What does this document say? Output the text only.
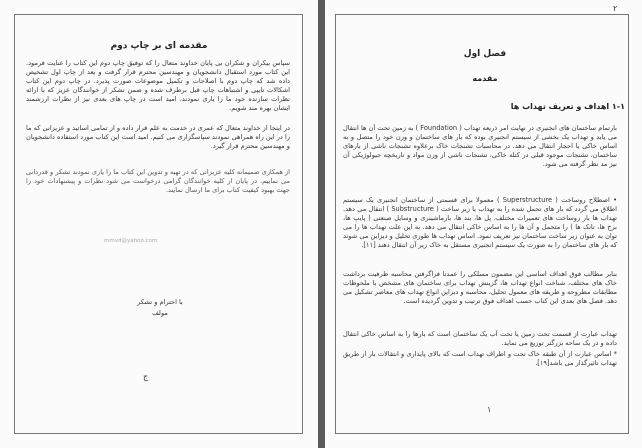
مقدمه ای بر چاپ دوم
سپاس بیکران و شکران بی پایان خداوند متعال را که توفیق چاپ دوم این کتاب را عنایت فرمود. این کتاب مورد استقبال دانشجویان و مهندسین محترم قرار گرفت و بعد از چاپ اول تشخیص داده شد که چاپ دوم با اصلاحات و تکمیل موضوعات صورت پذیرد. در چاپ دوم این کتاب اشکالات تایپی و اشتباهات چاپ قبل برطرف شده و ضمن تشکر از خوانندگان عزیز که با ارائه نظرات سازنده خود ما را یاری نمودند، امید است در چاپ های بعدی نیز از نظرات ارزشمند ایشان بهره مند شویم.
در اینجا از خداوند متعال که عمری در خدمت به علم قرار داده و از تمامی اساتید و عزیزانی که ما را در این راه همراهی نمودند سپاسگزاری می کنیم. امید است این کتاب مورد استفاده دانشجویان و مهندسین محترم قرار گیرد.
از همکاری صمیمانه کلیه عزیزانی که در تهیه و تدوین این کتاب ما را یاری نمودند تشکر و قدردانی می نماییم. در پایان از کلیه خوانندگان گرامی درخواست می شود نظرات و پیشنهادات خود را جهت بهبود کیفیت کتاب برای ما ارسال نمایند.
mmvd@yahoo.com
با احترام و تشکر
مولف
ج
۲
فصل اول
مقدمه
۱-۱ اهداف و تعریف تهداب ها
بارتمام ساختمان های انجنیری در نهایت امر ذریعه تهداب ( Foundation ) به زمین تحت آن ها انتقال می یابد و تهداب یک بخشی از سیستم انجنیری بوده که بار های ساختمان و وزن خود را متصل و به اساس خاکی یا احجار انتقال می دهد. در محاسبات تشنجات خاک برعلاوه تشنجات ناشی از بارهای ساختمان، تشنجات موجود قبلی در کتله خاکی، تشنجات ناشی از وزن مواد و تاریخچه جیولوژیکی آن نیز مد نظر گرفته می شود.
• اصطلاح روساخت ( Superstructure ) معمولا برای قسمتی از ساختمان انجنیری یک سیستم اطلاق می گردد که بار های تحمل شده را به تهداب یا زیر ساخت ( Substructure ) انتقال می دهد. تهداب ها بار روساخت های تعمیرات مختلف، پل ها، بند ها، بارماشینری و وسایل صنعتی ( پایپ ها، برج ها، تانک ها ) را متحمل و آن ها را به اساس خاکی انتقال می دهد. به این علت تهداب ها را می توان به عنوان زیر ساخت ساختمان نیز تعریف نمود. اساس تهداب ها طوری تحلیل و دیزاین می شوند که بار های ساختمان را به صورت یک سیستم انجنیری مستقل به خاک زیر آن انتقال دهند [۱۱].
بنابر مطالب فوق اهداف اساسی این مضمون مسلکی را عمدتا فراگرفتن محاسبه ظرفیت برداشت خاک های مختلف، شناخت انواع تهداب ها، گزینش تهداب برای ساختمان های مشخص با ملحوظات مطابقات مطروحه و طریقه های معمول تحلیل، محاسبه و دیزاین انواع تهداب های معاصر تشکیل می دهد. فصل های بعدی این کتاب حسب اهداف فوق ترتیب و تدوین گردیده است.
تهداب عبارت از قسمت تحت زمین یا تحت آب یک ساختمان است که بارها را به اساس خاکی انتقال داده و در یک ساحه بزرگتر توزیع می نماید.
* اساس عبارت از آن طبقه خاک تحت و اطراف تهداب است که بالای پایداری و انتقالات بار از طریق تهداب تاثیرگذار می باشد[۱۹].
۱
